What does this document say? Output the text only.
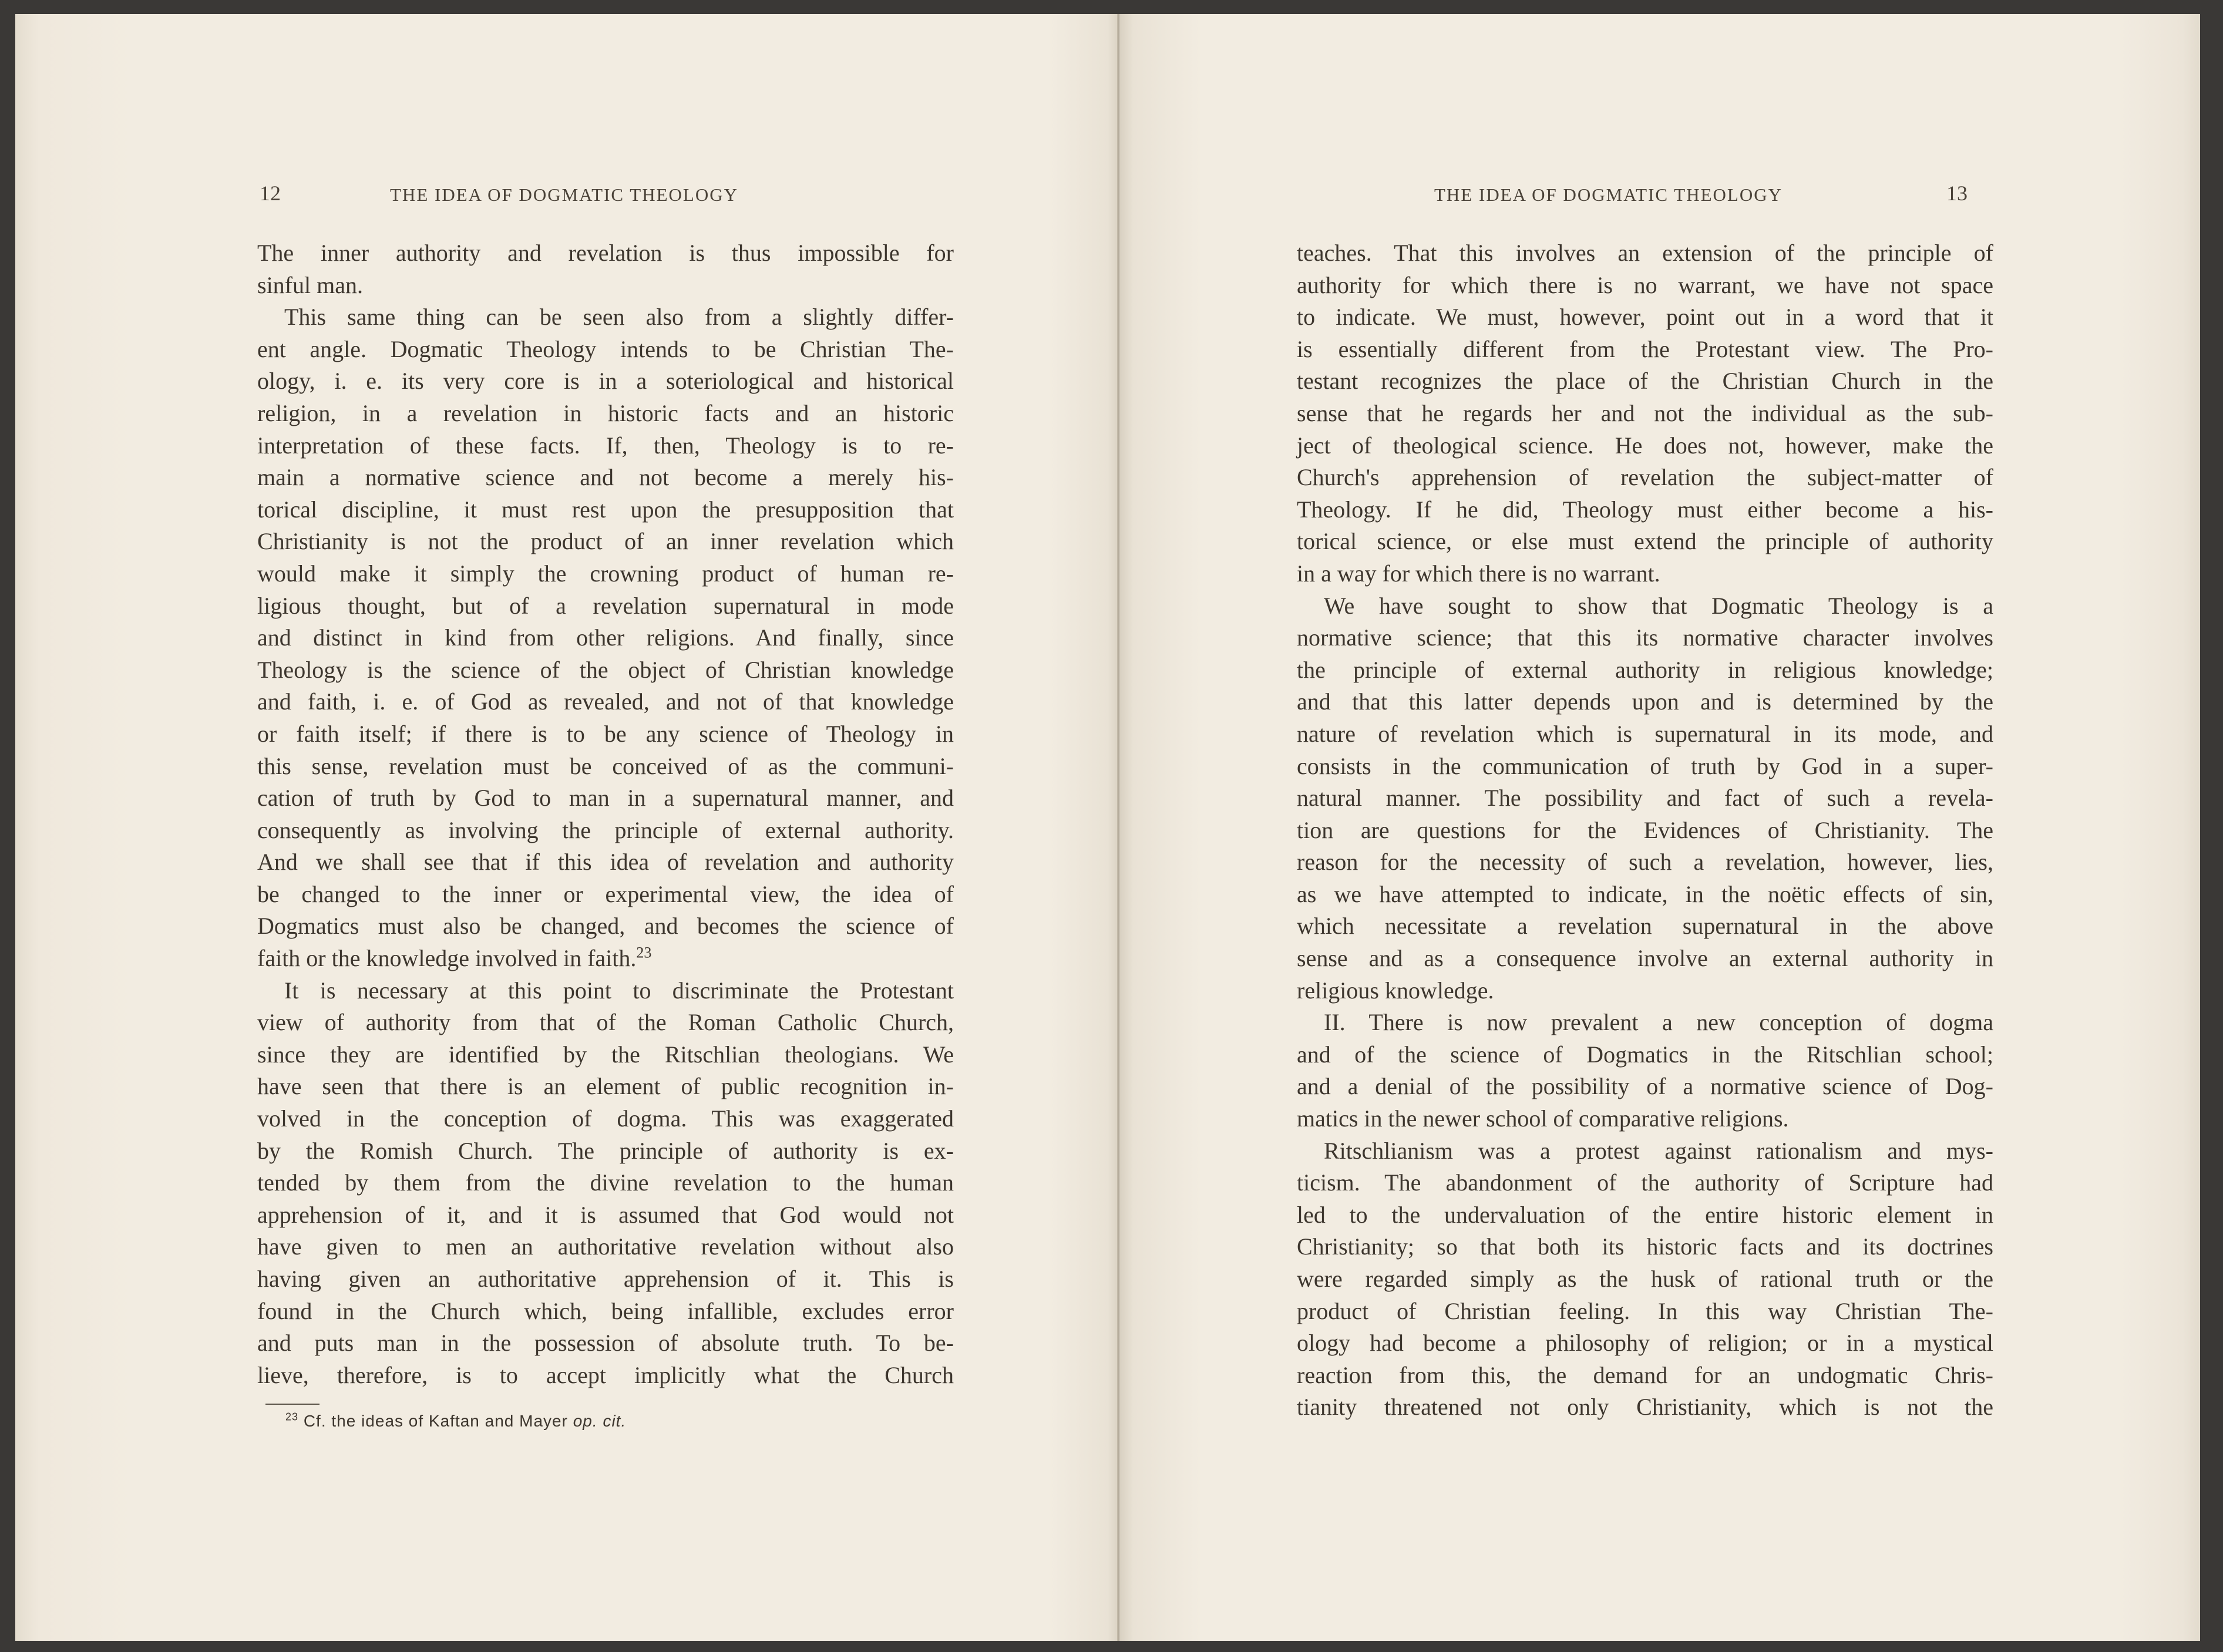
12	THE IDEA OF DOGMATIC THEOLOGY

The inner authority and revelation is thus impossible for

sinful man.

This same thing can be seen also from a slightly differ-

ent angle. Dogmatic Theology intends to be Christian The-

ology, i. e. its very core is in a soteriological and historical

religion, in a revelation in historic facts and an historic

interpretation of these facts. If, then, Theology is to re-

main a normative science and not become a merely his-

torical discipline, it must rest upon the presupposition that

Christianity is not the product of an inner revelation which

would make it simply the crowning product of human re-

ligious thought, but of a revelation supernatural in mode

and distinct in kind from other religions. And finally, since

Theology is the science of the object of Christian knowledge

and faith, i. e. of God as revealed, and not of that knowledge

or faith itself; if there is to be any science of Theology in

this sense, revelation must be conceived of as the communi-

cation of truth by God to man in a supernatural manner, and

consequently as involving the principle of external authority.

And we shall see that if this idea of revelation and authority

be changed to the inner or experimental view, the idea of

Dogmatics must also be changed, and becomes the science of

faith or the knowledge involved in faith.$^{23}$

It is necessary at this point to discriminate the Protestant

view of authority from that of the Roman Catholic Church,

since they are identified by the Ritschlian theologians. We

have seen that there is an element of public recognition in-

volved in the conception of dogma. This was exaggerated

by the Romish Church. The principle of authority is ex-

tended by them from the divine revelation to the human

apprehension of it, and it is assumed that God would not

have given to men an authoritative revelation without also

having given an authoritative apprehension of it. This is

found in the Church which, being infallible, excludes error

and puts man in the possession of absolute truth. To be-

lieve, therefore, is to accept implicitly what the Church

$^{23}$ Cf. the ideas of Kaftan and Mayer op. cit.
THE IDEA OF DOGMATIC THEOLOGY	13

teaches. That this involves an extension of the principle of

authority for which there is no warrant, we have not space

to indicate. We must, however, point out in a word that it

is essentially different from the Protestant view. The Pro-

testant recognizes the place of the Christian Church in the

sense that he regards her and not the individual as the sub-

ject of theological science. He does not, however, make the

Church's apprehension of revelation the subject-matter of

Theology. If he did, Theology must either become a his-

torical science, or else must extend the principle of authority

in a way for which there is no warrant.

We have sought to show that Dogmatic Theology is a

normative science; that this its normative character involves

the principle of external authority in religious knowledge;

and that this latter depends upon and is determined by the

nature of revelation which is supernatural in its mode, and

consists in the communication of truth by God in a super-

natural manner. The possibility and fact of such a revela-

tion are questions for the Evidences of Christianity. The

reason for the necessity of such a revelation, however, lies,

as we have attempted to indicate, in the noëtic effects of sin,

which necessitate a revelation supernatural in the above

sense and as a consequence involve an external authority in

religious knowledge.

II. There is now prevalent a new conception of dogma

and of the science of Dogmatics in the Ritschlian school;

and a denial of the possibility of a normative science of Dog-

matics in the newer school of comparative religions.

Ritschlianism was a protest against rationalism and mys-

ticism. The abandonment of the authority of Scripture had

led to the undervaluation of the entire historic element in

Christianity; so that both its historic facts and its doctrines

were regarded simply as the husk of rational truth or the

product of Christian feeling. In this way Christian The-

ology had become a philosophy of religion; or in a mystical

reaction from this, the demand for an undogmatic Chris-

tianity threatened not only Christianity, which is not the
